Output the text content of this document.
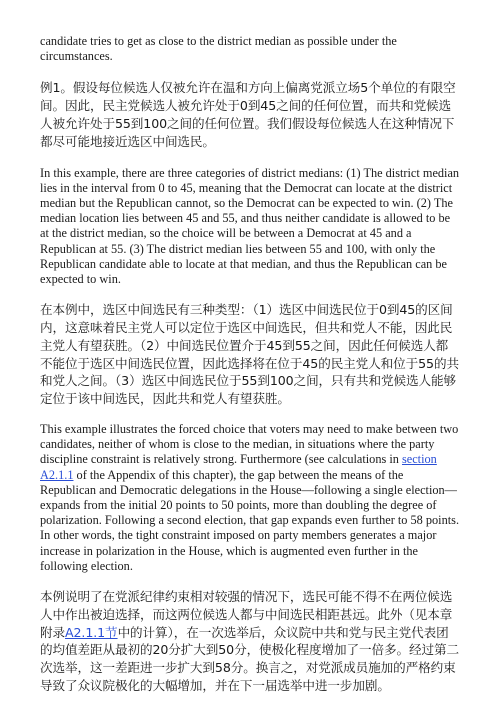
candidate tries to get as close to the district median as possible under the circumstances.

例1。假设每位候选人仅被允许在温和方向上偏离党派立场5个单位的有限空间。因此，民主党候选人被允许处于0到45之间的任何位置，而共和党候选人被允许处于55到100之间的任何位置。我们假设每位候选人在这种情况下都尽可能地接近选区中间选民。

In this example, there are three categories of district medians: (1) The district median lies in the interval from 0 to 45, meaning that the Democrat can locate at the district median but the Republican cannot, so the Democrat can be expected to win. (2) The median location lies between 45 and 55, and thus neither candidate is allowed to be at the district median, so the choice will be between a Democrat at 45 and a Republican at 55. (3) The district median lies between 55 and 100, with only the Republican candidate able to locate at that median, and thus the Republican can be expected to win.

在本例中，选区中间选民有三种类型：（1）选区中间选民位于0到45的区间内，这意味着民主党人可以定位于选区中间选民，但共和党人不能，因此民主党人有望获胜。（2）中间选民位置介于45到55之间，因此任何候选人都不能位于选区中间选民位置，因此选择将在位于45的民主党人和位于55的共和党人之间。（3）选区中间选民位于55到100之间，只有共和党候选人能够定位于该中间选民，因此共和党人有望获胜。

This example illustrates the forced choice that voters may need to make between two candidates, neither of whom is close to the median, in situations where the party discipline constraint is relatively strong. Furthermore (see calculations in section A2.1.1 of the Appendix of this chapter), the gap between the means of the Republican and Democratic delegations in the House—following a single election—expands from the initial 20 points to 50 points, more than doubling the degree of polarization. Following a second election, that gap expands even further to 58 points. In other words, the tight constraint imposed on party members generates a major increase in polarization in the House, which is augmented even further in the following election.

本例说明了在党派纪律约束相对较强的情况下，选民可能不得不在两位候选人中作出被迫选择，而这两位候选人都与中间选民相距甚远。此外（见本章附录A2.1.1节中的计算），在一次选举后，众议院中共和党与民主党代表团的均值差距从最初的20分扩大到50分，使极化程度增加了一倍多。经过第二次选举，这一差距进一步扩大到58分。换言之，对党派成员施加的严格约束导致了众议院极化的大幅增加，并在下一届选举中进一步加剧。
